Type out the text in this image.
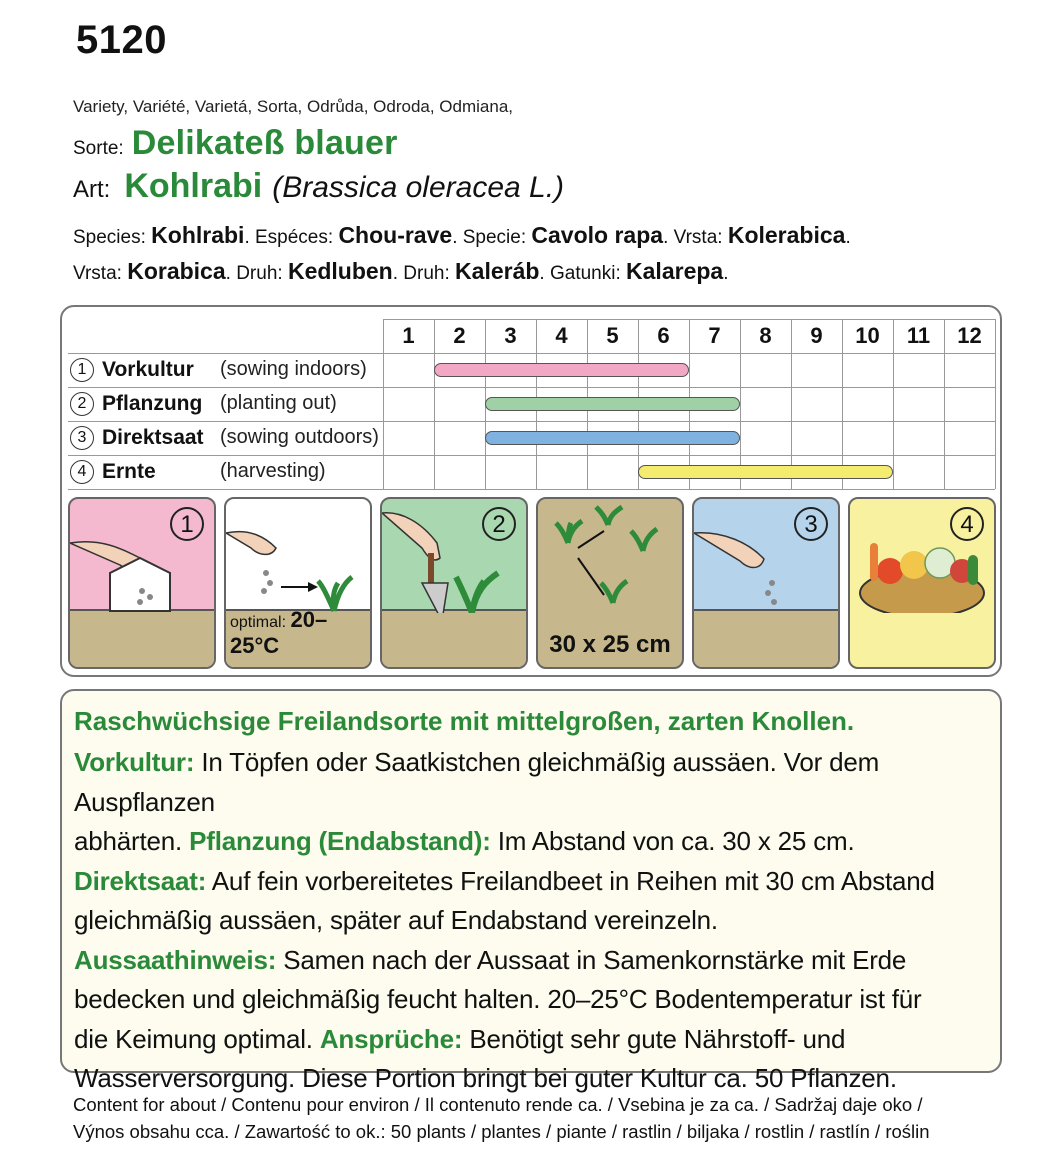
5120
Variety, Variété, Varietá, Sorta, Odrůda, Odroda, Odmiana,
Sorte: Delikateß blauer
Art: Kohlrabi (Brassica oleracea L.)
Species: Kohlrabi. Espéces: Chou-rave. Specie: Cavolo rapa. Vrsta: Kolerabica.
Vrsta: Korabica. Druh: Kedluben. Druh: Kaleráb. Gatunki: Kalarepa.
1	2	3	4	5	6	7	8	9	10	11	12
1 Vorkultur (sowing indoors)
2 Pflanzung (planting out)
3 Direktsaat (sowing outdoors)
4 Ernte	(harvesting)
1
optimal: 20–25°C
2
30 x 25 cm
3	4
Raschwüchsige Freilandsorte mit mittelgroßen, zarten Knollen.

Vorkultur: In Töpfen oder Saatkistchen gleichmäßig aussäen. Vor dem Auspflanzen

abhärten. Pflanzung (Endabstand): Im Abstand von ca. 30 x 25 cm.

Direktsaat: Auf fein vorbereitetes Freilandbeet in Reihen mit 30 cm Abstand

gleichmäßig aussäen, später auf Endabstand vereinzeln.

Aussaathinweis: Samen nach der Aussaat in Samenkornstärke mit Erde

bedecken und gleichmäßig feucht halten. 20–25°C Bodentemperatur ist für

die Keimung optimal. Ansprüche: Benötigt sehr gute Nährstoff- und

Wasserversorgung. Diese Portion bringt bei guter Kultur ca. 50 Pflanzen.

Content for about / Contenu pour environ / Il contenuto rende ca. / Vsebina je za ca. / Sadržaj daje oko /
Výnos obsahu cca. / Zawartość to ok.: 50 plants / plantes / piante / rastlin / biljaka / rostlin / rastlín / roślin
